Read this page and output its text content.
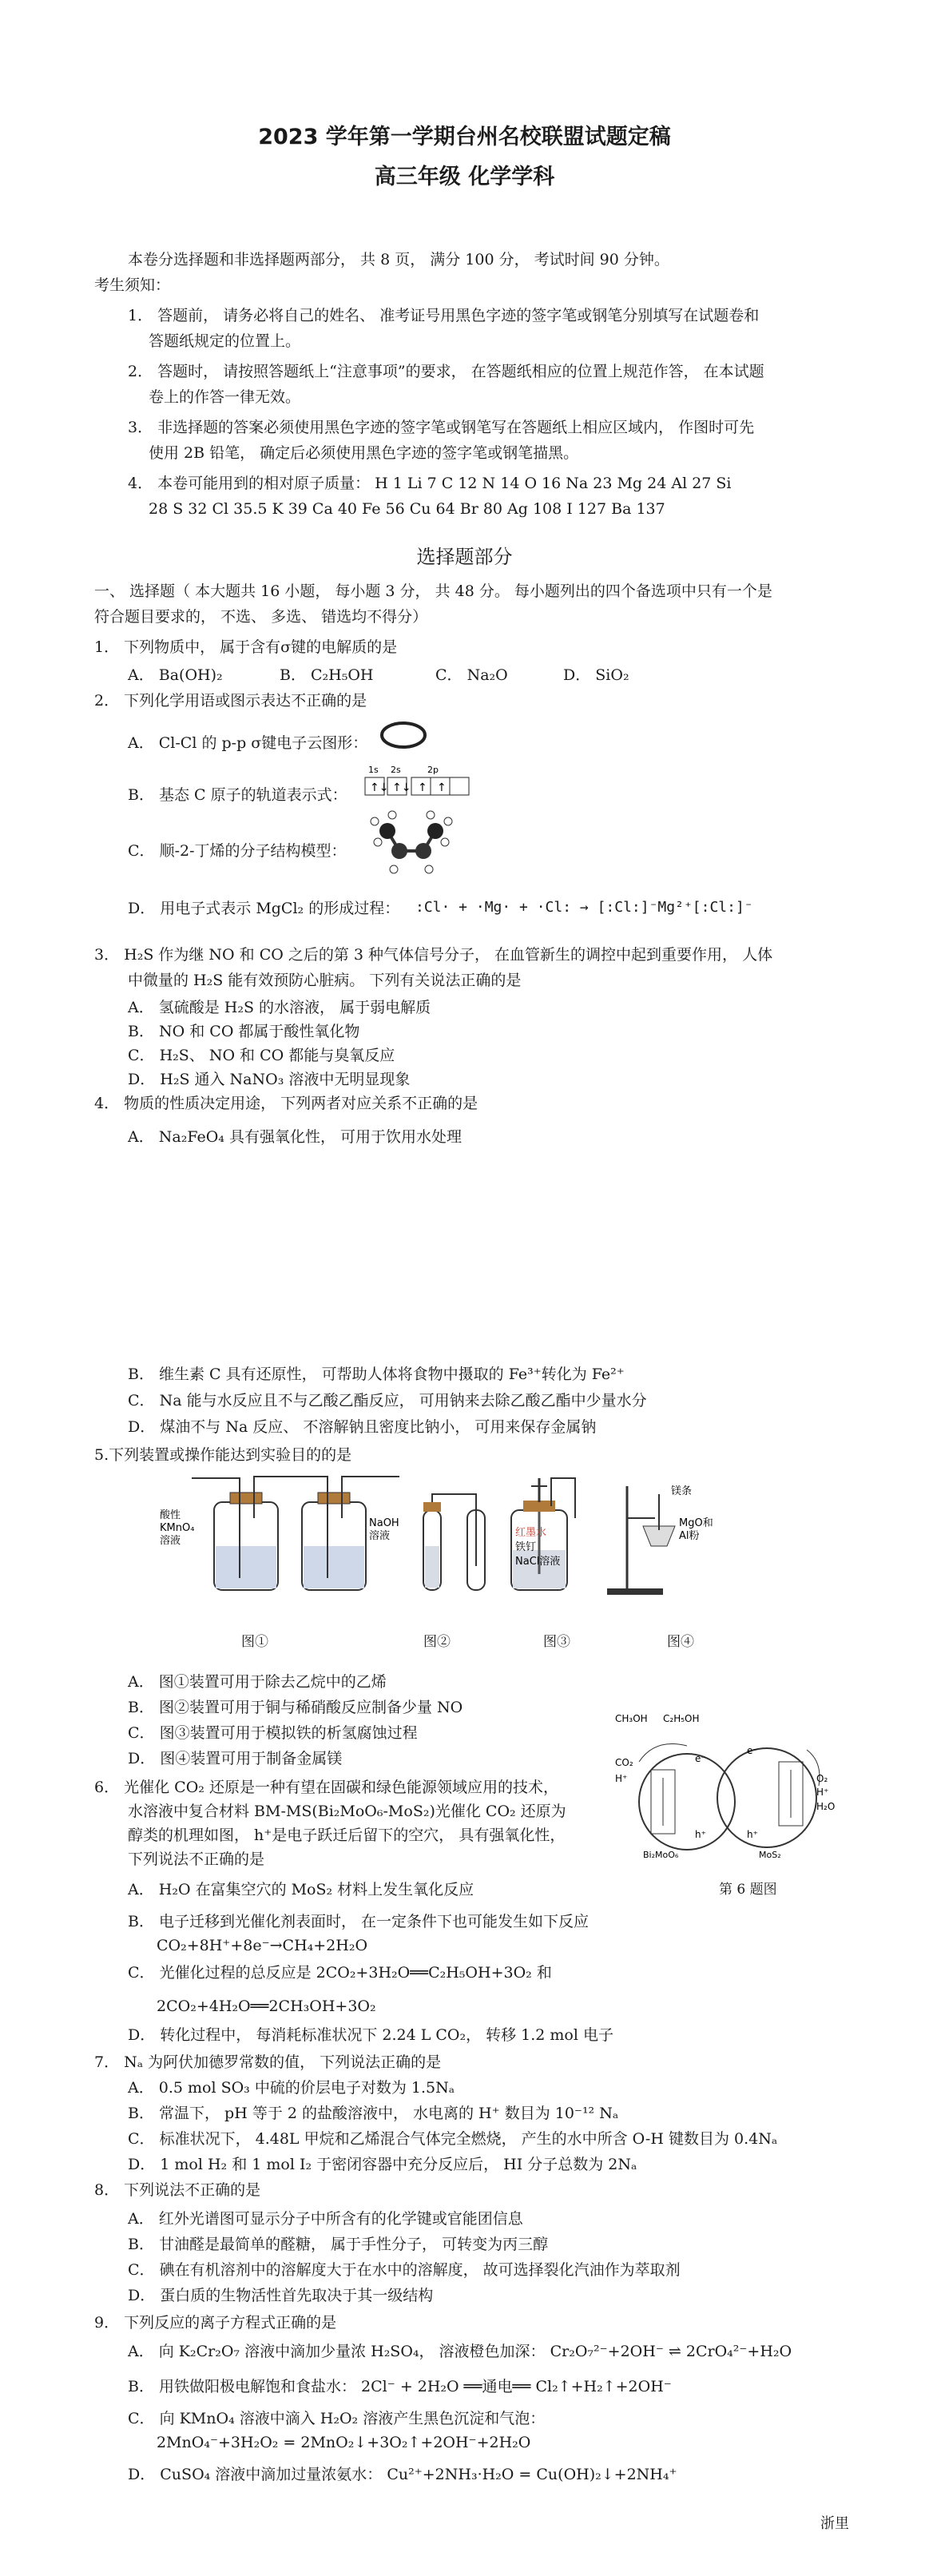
2023 学年第一学期台州名校联盟试题定稿
高三年级 化学学科
本卷分选择题和非选择题两部分， 共 8 页， 满分 100 分， 考试时间 90 分钟。
考生须知：
1． 答题前， 请务必将自己的姓名、 准考证号用黑色字迹的签字笔或钢笔分别填写在试题卷和
答题纸规定的位置上。
2． 答题时， 请按照答题纸上“注意事项”的要求， 在答题纸相应的位置上规范作答， 在本试题
卷上的作答一律无效。
3． 非选择题的答案必须使用黑色字迹的签字笔或钢笔写在答题纸上相应区域内， 作图时可先
使用 2B 铅笔， 确定后必须使用黑色字迹的签字笔或钢笔描黑。
4． 本卷可能用到的相对原子质量： H 1 Li 7 C 12 N 14 O 16 Na 23 Mg 24 Al 27 Si
28 S 32 Cl 35.5 K 39 Ca 40 Fe 56 Cu 64 Br 80 Ag 108 I 127 Ba 137
选择题部分
一、 选择题（ 本大题共 16 小题， 每小题 3 分， 共 48 分。 每小题列出的四个备选项中只有一个是
符合题目要求的， 不选、 多选、 错选均不得分）
1． 下列物质中， 属于含有σ键的电解质的是
A． Ba(OH)₂	B． C₂H₅OH	C． Na₂O	D． SiO₂
2． 下列化学用语或图示表达不正确的是
A． Cl-Cl 的 p-p σ键电子云图形：
B． 基态 C 原子的轨道表示式：
1s 2s	2p
↑↓ ↑↓ ↑ ↑
C． 顺-2-丁烯的分子结构模型：
D． 用电子式表示 MgCl₂ 的形成过程： :Cl· + ·Mg· + ·Cl: → [:Cl:]⁻Mg²⁺[:Cl:]⁻
3． H₂S 作为继 NO 和 CO 之后的第 3 种气体信号分子， 在血管新生的调控中起到重要作用， 人体
中微量的 H₂S 能有效预防心脏病。 下列有关说法正确的是
A． 氢硫酸是 H₂S 的水溶液， 属于弱电解质
B． NO 和 CO 都属于酸性氧化物
C． H₂S、 NO 和 CO 都能与臭氧反应
D． H₂S 通入 NaNO₃ 溶液中无明显现象
4． 物质的性质决定用途， 下列两者对应关系不正确的是
A． Na₂FeO₄ 具有强氧化性， 可用于饮用水处理
B． 维生素 C 具有还原性， 可帮助人体将食物中摄取的 Fe³⁺转化为 Fe²⁺
C． Na 能与水反应且不与乙酸乙酯反应， 可用钠来去除乙酸乙酯中少量水分
D． 煤油不与 Na 反应、 不溶解钠且密度比钠小， 可用来保存金属钠
5.下列装置或操作能达到实验目的的是
酸性
KMnO₄
溶液
NaOH
溶液	红墨水
铁钉
NaCl溶液
镁条
MgO和
Al粉
图①	图②	图③	图④
A． 图①装置可用于除去乙烷中的乙烯
B． 图②装置可用于铜与稀硝酸反应制备少量 NO
C． 图③装置可用于模拟铁的析氢腐蚀过程
D． 图④装置可用于制备金属镁
6． 光催化 CO₂ 还原是一种有望在固碳和绿色能源领域应用的技术，
水溶液中复合材料 BM-MS(Bi₂MoO₆-MoS₂)光催化 CO₂ 还原为
醇类的机理如图， h⁺是电子跃迁后留下的空穴， 具有强氧化性，
下列说法不正确的是
CH₃OH C₂H₅OH
CO₂
H⁺
e⁻
e⁻
h⁺	h⁺
H₂O
O₂
H⁺
Bi₂MoO₆	MoS₂
第 6 题图
A． H₂O 在富集空穴的 MoS₂ 材料上发生氧化反应
B． 电子迁移到光催化剂表面时， 在一定条件下也可能发生如下反应
CO₂+8H⁺+8e⁻→CH₄+2H₂O
C． 光催化过程的总反应是 2CO₂+3H₂O══C₂H₅OH+3O₂ 和
2CO₂+4H₂O══2CH₃OH+3O₂
D． 转化过程中， 每消耗标准状况下 2.24 L CO₂， 转移 1.2 mol 电子
7． Nₐ 为阿伏加德罗常数的值， 下列说法正确的是
A． 0.5 mol SO₃ 中硫的价层电子对数为 1.5Nₐ
B． 常温下， pH 等于 2 的盐酸溶液中， 水电离的 H⁺ 数目为 10⁻¹² Nₐ
C． 标准状况下， 4.48L 甲烷和乙烯混合气体完全燃烧， 产生的水中所含 O-H 键数目为 0.4Nₐ
D． 1 mol H₂ 和 1 mol I₂ 于密闭容器中充分反应后， HI 分子总数为 2Nₐ
8． 下列说法不正确的是
A． 红外光谱图可显示分子中所含有的化学键或官能团信息
B． 甘油醛是最简单的醛糖， 属于手性分子， 可转变为丙三醇
C． 碘在有机溶剂中的溶解度大于在水中的溶解度， 故可选择裂化汽油作为萃取剂
D． 蛋白质的生物活性首先取决于其一级结构
9． 下列反应的离子方程式正确的是
A． 向 K₂Cr₂O₇ 溶液中滴加少量浓 H₂SO₄， 溶液橙色加深： Cr₂O₇²⁻+2OH⁻ ⇌ 2CrO₄²⁻+H₂O
B． 用铁做阳极电解饱和食盐水： 2Cl⁻ + 2H₂O ══通电══ Cl₂↑+H₂↑+2OH⁻
C． 向 KMnO₄ 溶液中滴入 H₂O₂ 溶液产生黑色沉淀和气泡：
2MnO₄⁻+3H₂O₂ = 2MnO₂↓+3O₂↑+2OH⁻+2H₂O
D． CuSO₄ 溶液中滴加过量浓氨水： Cu²⁺+2NH₃·H₂O = Cu(OH)₂↓+2NH₄⁺
浙里
